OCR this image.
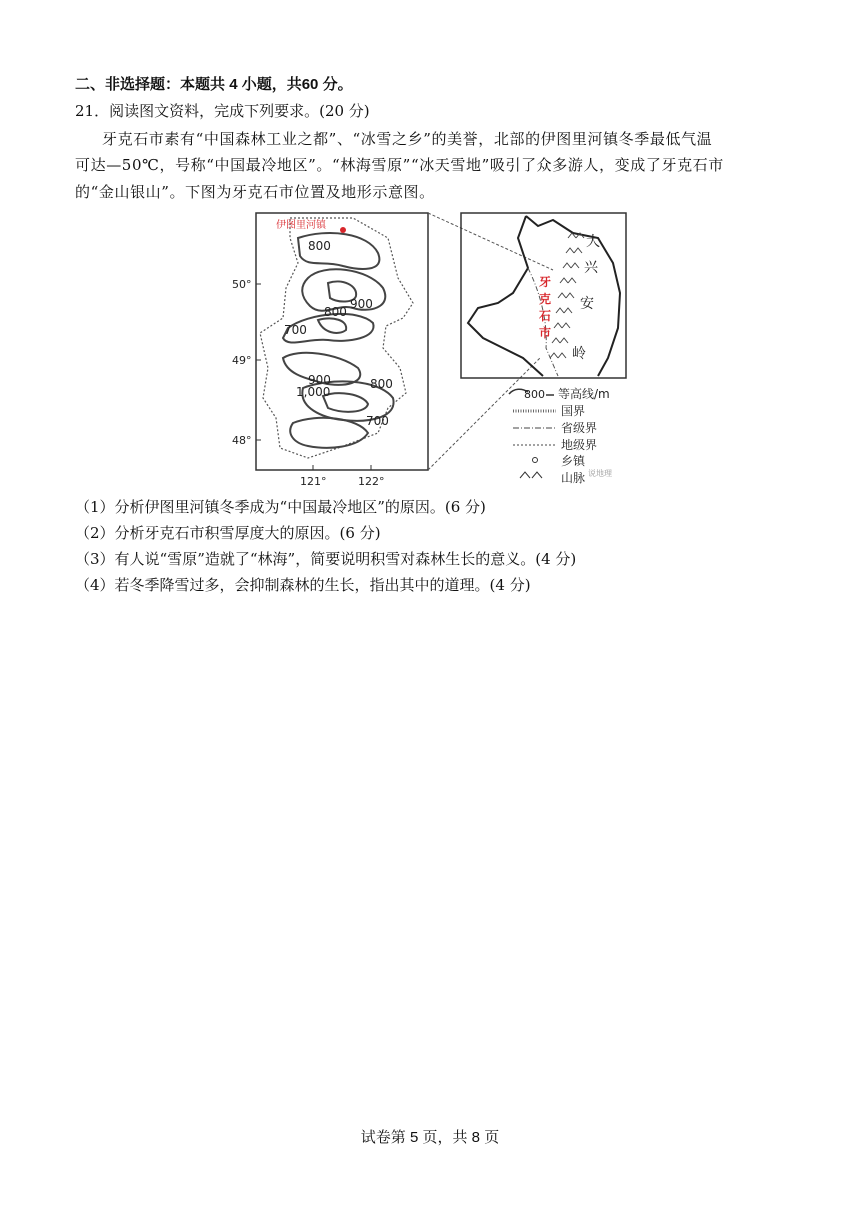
二、非选择题：本题共 4 小题，共60 分。
21．阅读图文资料，完成下列要求。(20 分)
牙克石市素有“中国森林工业之都”、“冰雪之乡”的美誉，北部的伊图里河镇冬季最低气温
可达—50℃，号称“中国最冷地区”。“林海雪原”“冰天雪地”吸引了众多游人，变成了牙克石市
的“金山银山”。下图为牙克石市位置及地形示意图。
伊图里河镇
800
900
800
700
900
1,000
800
700
50°
49°
48°
121°	122°
牙
克
石
市
大
兴
安
岭
800 等高线/m
国界
省级界
地级界
乡镇
山脉 说地理
（1）分析伊图里河镇冬季成为“中国最冷地区”的原因。(6 分)
（2）分析牙克石市积雪厚度大的原因。(6 分)
（3）有人说“雪原”造就了“林海”，简要说明积雪对森林生长的意义。(4 分)
（4）若冬季降雪过多，会抑制森林的生长，指出其中的道理。(4 分)
试卷第 5 页，共 8 页
